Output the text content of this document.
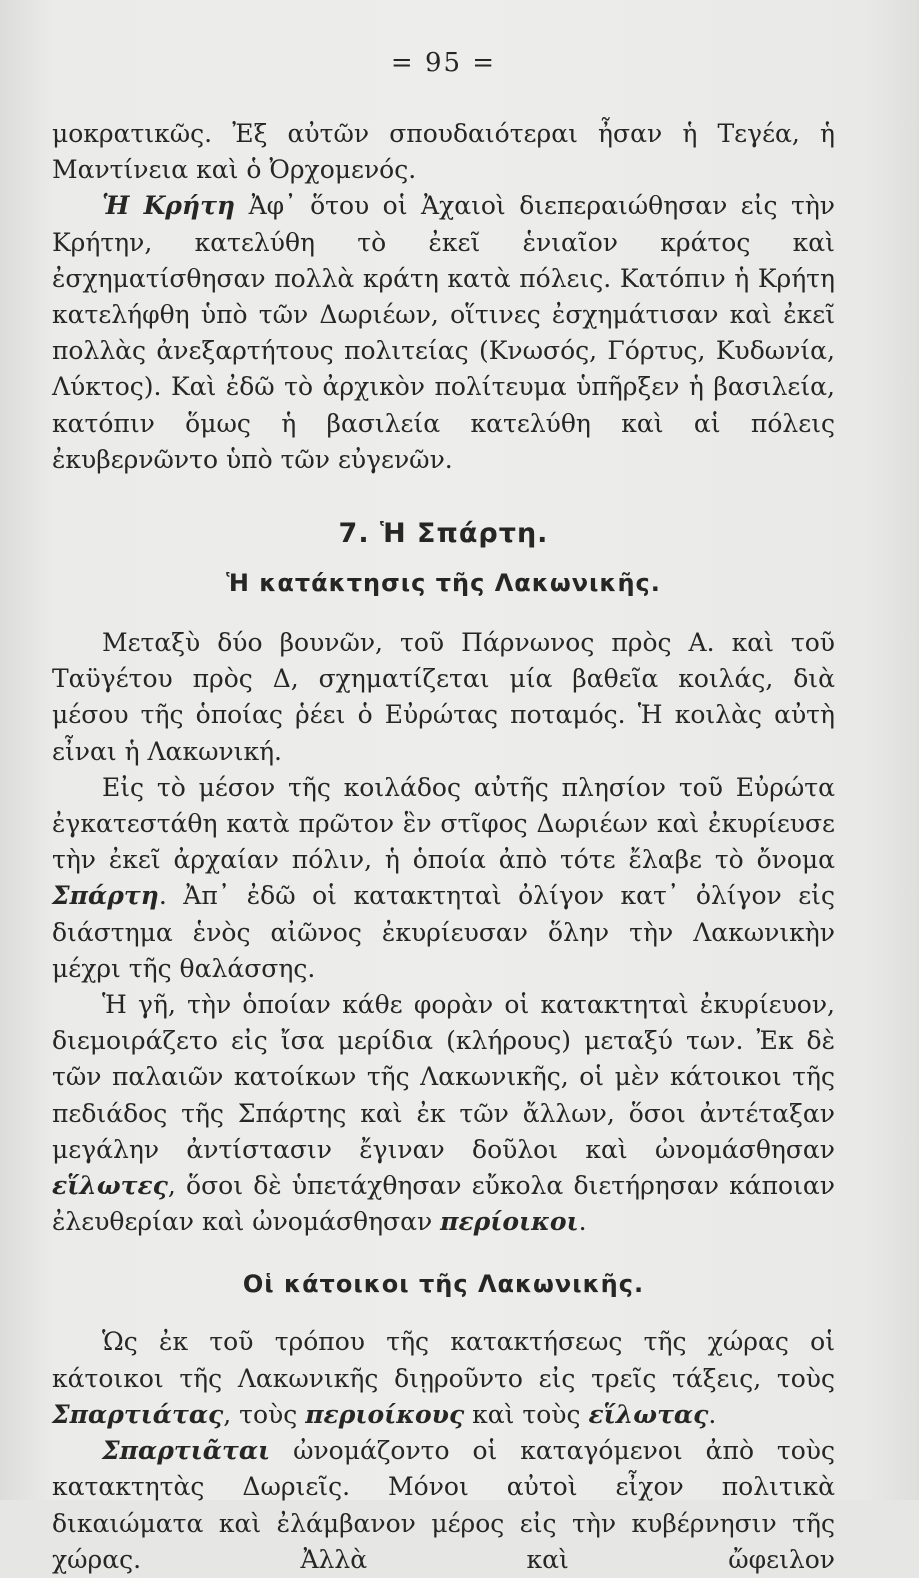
= 95 =

μοκρατικῶς. Ἐξ αὐτῶν σπουδαιότεραι ἦσαν ἡ Τεγέα, ἡ Μαντίνεια καὶ ὁ Ὀρχομενός.

Ἡ Κρήτη Ἀφ᾽ ὅτου οἱ Ἀχαιοὶ διεπεραιώθησαν εἰς τὴν Κρήτην, κατελύθη τὸ ἐκεῖ ἑνιαῖον κράτος καὶ ἐσχηματίσθησαν πολλὰ κράτη κατὰ πόλεις. Κατόπιν ἡ Κρήτη κατελήφθη ὑπὸ τῶν Δωριέων, οἵτινες ἐσχημάτισαν καὶ ἐκεῖ πολλὰς ἀνεξαρτήτους πολιτείας (Κνωσός, Γόρτυς, Κυδωνία, Λύκτος). Καὶ ἐδῶ τὸ ἀρχικὸν πολίτευμα ὑπῆρξεν ἡ βασιλεία, κατόπιν ὅμως ἡ βασιλεία κατελύθη καὶ αἱ πόλεις ἐκυβερνῶντο ὑπὸ τῶν εὐγενῶν.

7. Ἡ Σπάρτη.
Ἡ κατάκτησις τῆς Λακωνικῆς.

Μεταξὺ δύο βουνῶν, τοῦ Πάρνωνος πρὸς Α. καὶ τοῦ Ταϋγέτου πρὸς Δ, σχηματίζεται μία βαθεῖα κοιλάς, διὰ μέσου τῆς ὁποίας ῥέει ὁ Εὐρώτας ποταμός. Ἡ κοιλὰς αὐτὴ εἶναι ἡ Λακωνική.

Εἰς τὸ μέσον τῆς κοιλάδος αὐτῆς πλησίον τοῦ Εὐρώτα ἐγκατεστάθη κατὰ πρῶτον ἓν στῖφος Δωριέων καὶ ἐκυρίευσε τὴν ἐκεῖ ἀρχαίαν πόλιν, ἡ ὁποία ἀπὸ τότε ἔλαβε τὸ ὄνομα Σπάρτη. Ἀπ᾽ ἐδῶ οἱ κατακτηταὶ ὀλίγον κατ᾽ ὀλίγον εἰς διάστημα ἑνὸς αἰῶνος ἐκυρίευσαν ὅλην τὴν Λακωνικὴν μέχρι τῆς θαλάσσης.

Ἡ γῆ, τὴν ὁποίαν κάθε φορὰν οἱ κατακτηταὶ ἐκυρίευον, διεμοιράζετο εἰς ἴσα μερίδια (κλήρους) μεταξύ των. Ἐκ δὲ τῶν παλαιῶν κατοίκων τῆς Λακωνικῆς, οἱ μὲν κάτοικοι τῆς πεδιάδος τῆς Σπάρτης καὶ ἐκ τῶν ἄλλων, ὅσοι ἀντέταξαν μεγάλην ἀντίστασιν ἔγιναν δοῦλοι καὶ ὠνομάσθησαν εἵλωτες, ὅσοι δὲ ὑπετάχθησαν εὔκολα διετήρησαν κάποιαν ἐλευθερίαν καὶ ὠνομάσθησαν περίοικοι.

Οἱ κάτοικοι τῆς Λακωνικῆς.

Ὡς ἐκ τοῦ τρόπου τῆς κατακτήσεως τῆς χώρας οἱ κάτοικοι τῆς Λακωνικῆς διῃροῦντο εἰς τρεῖς τάξεις, τοὺς Σπαρτιάτας, τοὺς περιοίκους καὶ τοὺς εἵλωτας.

Σπαρτιᾶται ὠνομάζοντο οἱ καταγόμενοι ἀπὸ τοὺς κατακτητὰς Δωριεῖς. Μόνοι αὐτοὶ εἶχον πολιτικὰ δικαιώματα καὶ ἐλάμβανον μέρος εἰς τὴν κυβέρνησιν τῆς χώρας. Ἀλλὰ καὶ ὤφειλον
